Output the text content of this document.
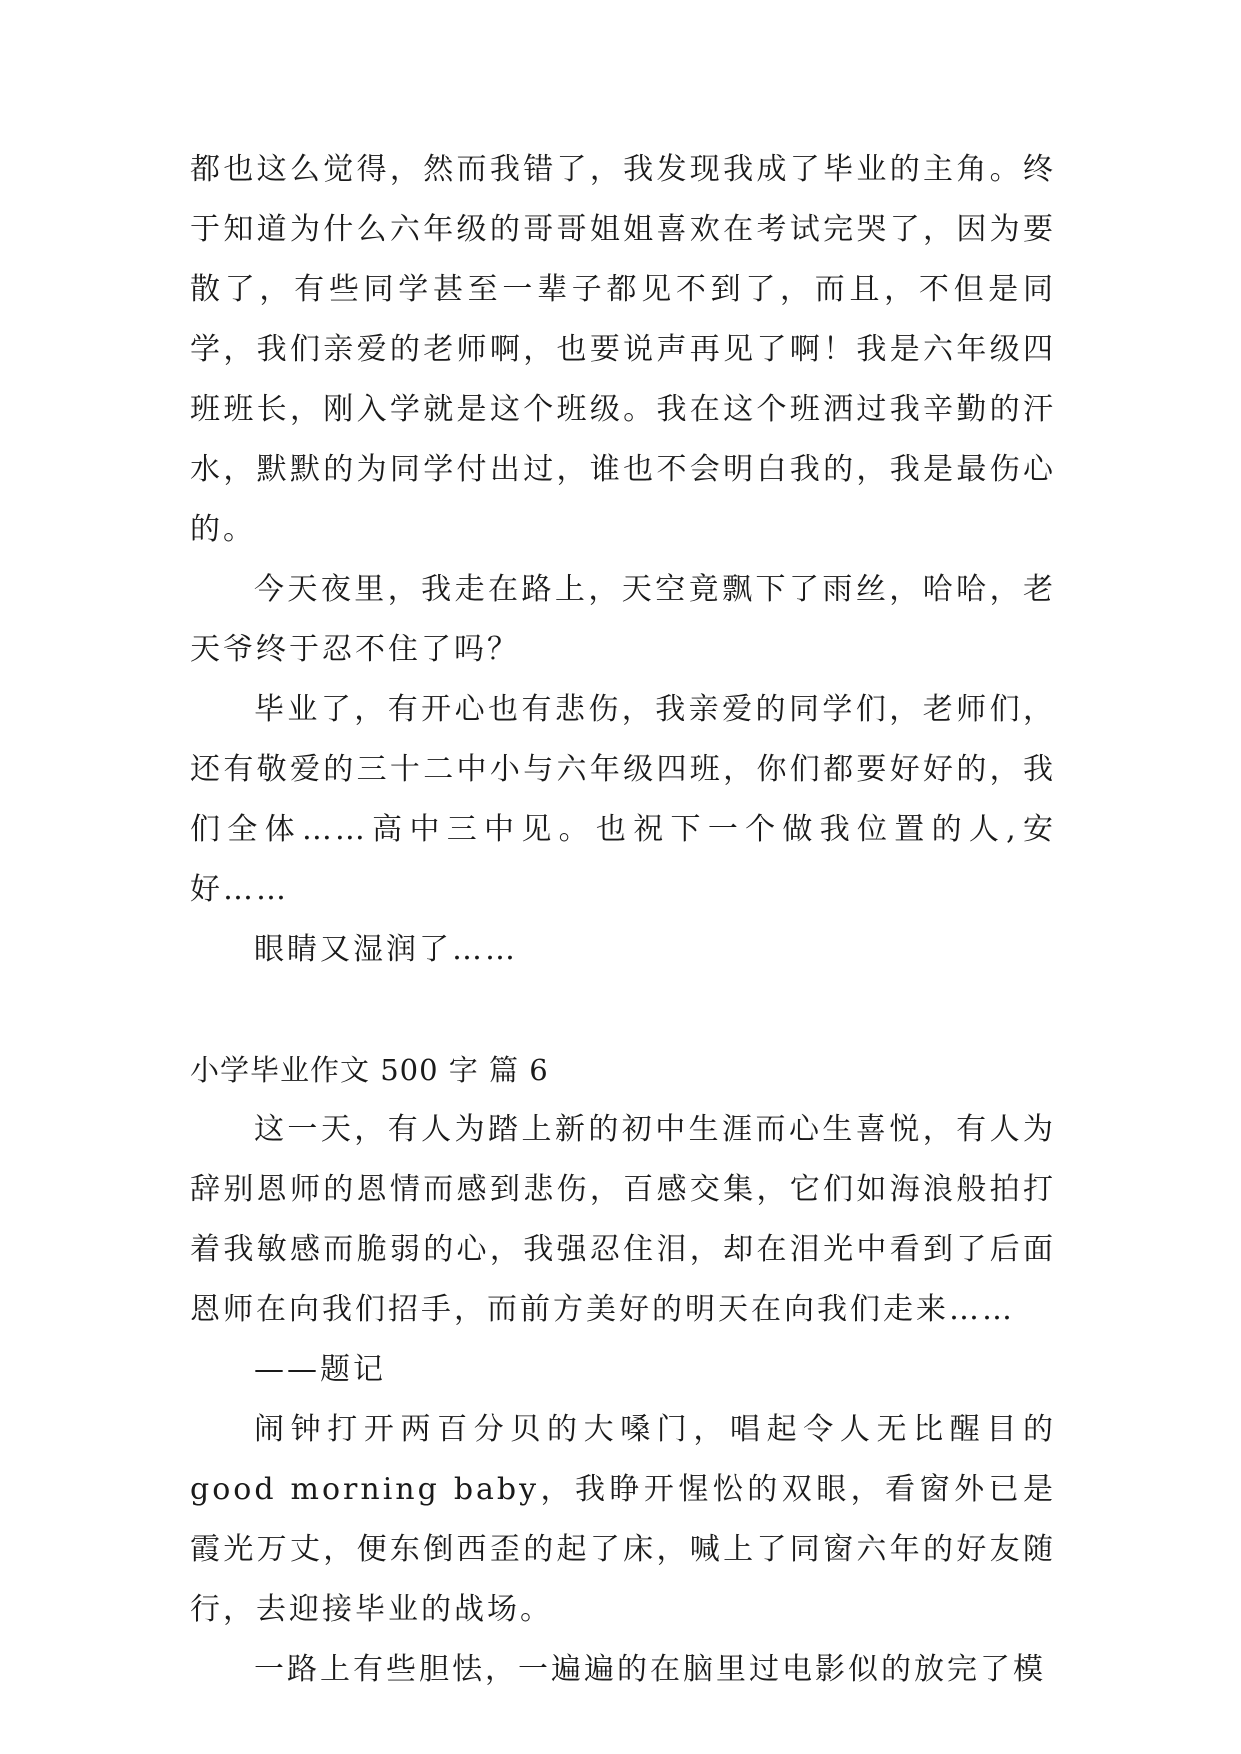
都也这么觉得，然而我错了，我发现我成了毕业的主角。终于知道为什么六年级的哥哥姐姐喜欢在考试完哭了，因为要散了，有些同学甚至一辈子都见不到了，而且，不但是同学，我们亲爱的老师啊，也要说声再见了啊！我是六年级四班班长，刚入学就是这个班级。我在这个班洒过我辛勤的汗水，默默的为同学付出过，谁也不会明白我的，我是最伤心的。

今天夜里，我走在路上，天空竟飘下了雨丝，哈哈，老天爷终于忍不住了吗？

毕业了，有开心也有悲伤，我亲爱的同学们，老师们，还有敬爱的三十二中小与六年级四班，你们都要好好的，我们全体……高中三中见。也祝下一个做我位置的人,安好……

眼睛又湿润了……

小学毕业作文 500 字 篇 6

这一天，有人为踏上新的初中生涯而心生喜悦，有人为辞别恩师的恩情而感到悲伤，百感交集，它们如海浪般拍打着我敏感而脆弱的心，我强忍住泪，却在泪光中看到了后面恩师在向我们招手，而前方美好的明天在向我们走来……

——题记

闹钟打开两百分贝的大嗓门，唱起令人无比醒目的 good morning baby，我睁开惺忪的双眼，看窗外已是霞光万丈，便东倒西歪的起了床，喊上了同窗六年的好友随行，去迎接毕业的战场。

一路上有些胆怯，一遍遍的在脑里过电影似的放完了模
